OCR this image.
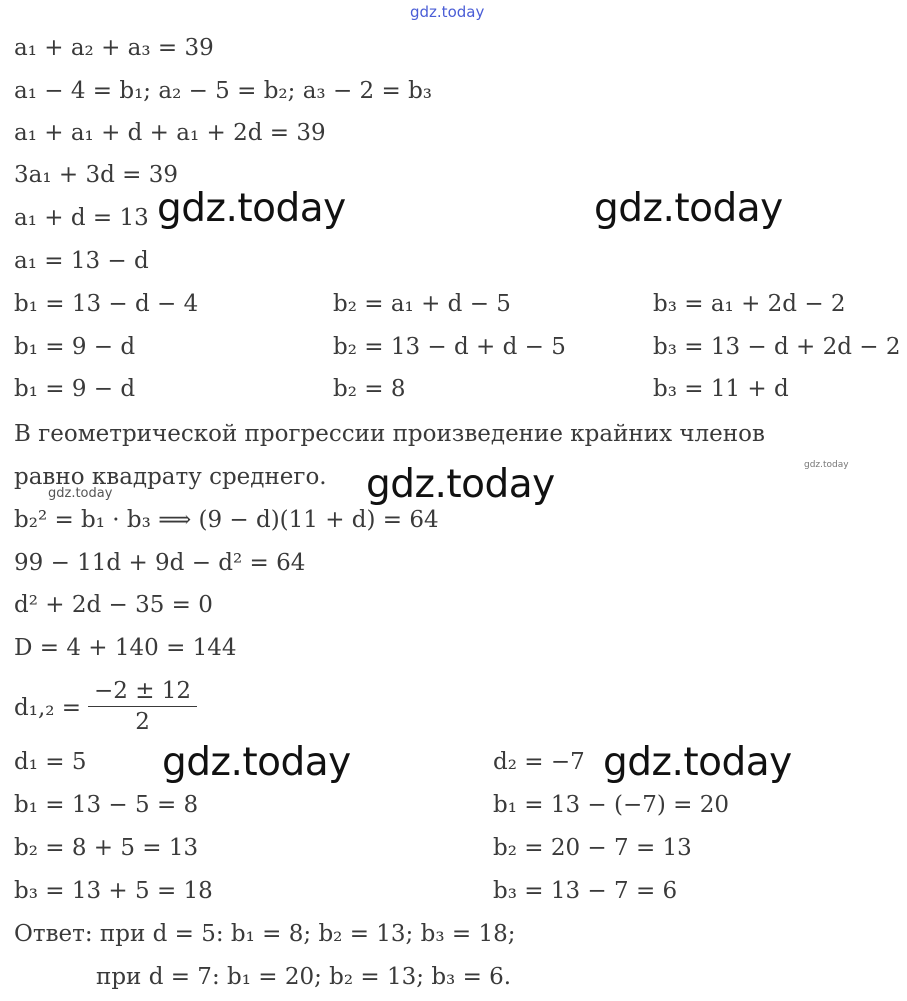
gdz.today
gdz.today	gdz.today
gdz.today
gdz.today
gdz.today
gdz.today	gdz.today
a₁ + a₂ + a₃ = 39
a₁ − 4 = b₁; a₂ − 5 = b₂; a₃ − 2 = b₃
a₁ + a₁ + d + a₁ + 2d = 39
3a₁ + 3d = 39
a₁ + d = 13
a₁ = 13 − d
b₁ = 13 − d − 4	b₂ = a₁ + d − 5	b₃ = a₁ + 2d − 2
b₁ = 9 − d	b₂ = 13 − d + d − 5	b₃ = 13 − d + 2d − 2
b₁ = 9 − d	b₂ = 8	b₃ = 11 + d
В геометрической прогрессии произведение крайних членов
равно квадрату среднего.
b₂² = b₁ · b₃ ⟹ (9 − d)(11 + d) = 64
99 − 11d + 9d − d² = 64
d² + 2d − 35 = 0
D = 4 + 140 = 144
$d_1,_2 = \frac{-2 \pm 12}{2}$
d₁ = 5	d₂ = −7
b₁ = 13 − 5 = 8	b₁ = 13 − (−7) = 20
b₂ = 8 + 5 = 13	b₂ = 20 − 7 = 13
b₃ = 13 + 5 = 18	b₃ = 13 − 7 = 6
Ответ: при d = 5: b₁ = 8; b₂ = 13; b₃ = 18;
при d = 7: b₁ = 20; b₂ = 13; b₃ = 6.
